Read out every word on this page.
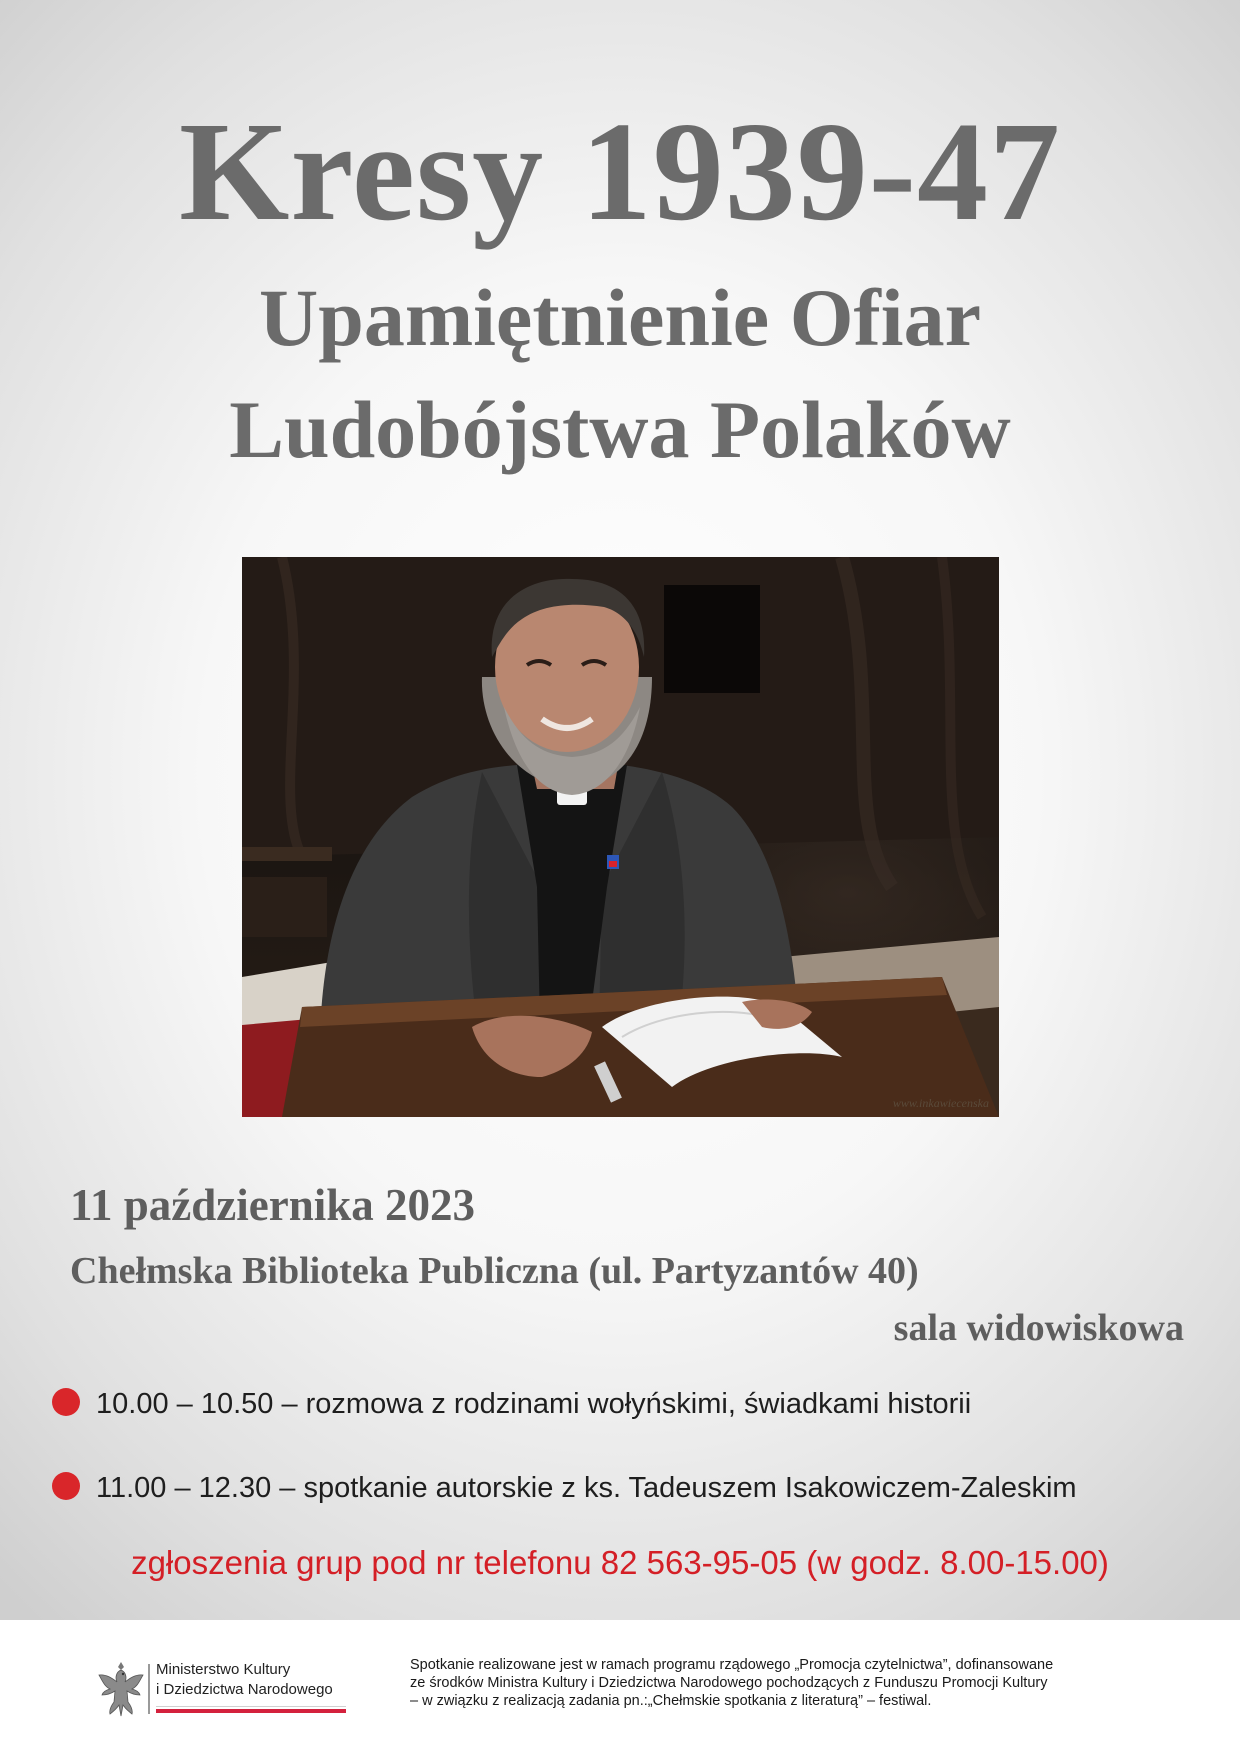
Kresy 1939-47
Upamiętnienie Ofiar
Ludobójstwa Polaków
www.inkawiecenska

11 października 2023

Chełmska Biblioteka Publiczna (ul. Partyzantów 40)

sala widowiskowa

10.00 – 10.50 – rozmowa z rodzinami wołyńskimi, świadkami historii
11.00 – 12.30 – spotkanie autorskie z ks. Tadeuszem Isakowiczem-Zaleskim

zgłoszenia grup pod nr telefonu 82 563-95-05 (w godz. 8.00-15.00)

Ministerstwo Kultury
i Dziedzictwa Narodowego
Spotkanie realizowane jest w ramach programu rządowego „Promocja czytelnictwa”, dofinansowane
ze środków Ministra Kultury i Dziedzictwa Narodowego pochodzących z Funduszu Promocji Kultury
– w związku z realizacją zadania pn.:„Chełmskie spotkania z literaturą” – festiwal.
